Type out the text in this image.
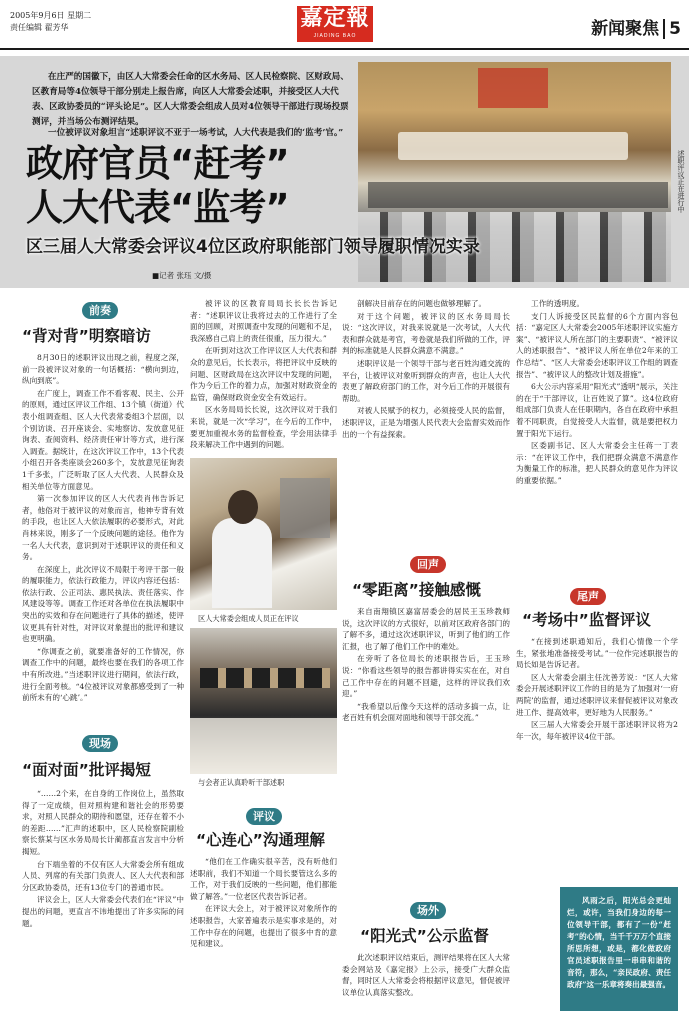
2005年9月6日 星期二
责任编辑 翟芳华	嘉定報
JIADING BAO	新闻聚焦 5
在庄严的国徽下，由区人大常委会任命的区水务局、区人民检察院、区财政局、区教育局等4位领导干部分别走上报告席，向区人大常委会述职，并接受区人大代表、区政协委员的“评头论足”。区人大常委会组成人员对4位领导干部进行现场投票测评，并当场公布测评结果。
一位被评议对象坦言“述职评议不亚于一场考试，人大代表是我们的‘监考’官。”
政府官员“赶考”
人大代表“监考”
区三届人大常委会评议4位区政府职能部门领导履职情况实录
■记者 张珏 文/摄
述职评议正在进行中
前奏
“背对背”明察暗访

8月30日的述职评议出现之前，程度之深，前一段被评议对象的一句话概括：“横向到边，纵向到底”。

在广度上，调查工作不看客观、民主、公开的原则，通过区评议工作组、13个镇（街道）代表小组调查组、区人大代表常委组3个层面，以个别访谈、召开座谈会、实地察访、发放意见征询表、查阅资料、经济责任审计等方式，进行深入调查。据统计，在这次评议工作中，13个代表小组召开各类座谈会260多个，发放意见征询表1千多张，广泛听取了区人大代表、人民群众及相关单位等方面意见。

第一次参加评议的区人大代表肖伟告诉记者，他俗对于被评议的对象而言，他神专背有效的手段，也让区人大依法履职的必要形式，对此肖林来说，刚多了一个反映问题的途径。他作为一名人大代表，意识到对于述职评议的责任和义务。

在深度上，此次评议不局限于考评干部一般的履职能力，依法行政能力，评议内容还包括：依法行政、公正司法、惠民执法、责任落实、作风建设等等。调查工作还对各单位在执法履职中突出的实效和存在问题进行了具体的描述，使评议更具有针对性，对评议对象提出的批评和建议也更明确。

“你调查之前，就要准备好的工作情况，你调查工作中的问题，最终也要在我们的各项工作中有所改进。”当述职评议进行期间，依法行政，进行全面考核。“4位被评议对象都感受到了一种前所未有的‘心跳’。”

现场
“面对面”批评揭短

“……2个来，在自身的工作岗位上，虽然取得了一定成绩，但对照构建和谐社会的形势要求，对照人民群众的期待和愿望，还存在着不小的差距……”汇声的述职中，区人民检察院副检察长蔡某与区水务局局长计蔺都直言发言中分析揭短。

台下端坐着的不仅有区人大常委会所有组成人员、列席的有关部门负责人、区人大代表和部分区政协委员，还有13位专门的普通市民。

评议会上，区人大常委会代表们在“评议”中提出的问题，更直言不讳地提出了许多实际的问题。

被评议的区教育局局长长长告诉记者：“述职评议让我将过去的工作进行了全面的回顾，对照调查中发现的问题和不足，我深感自己肩上的责任很重，压力很大。”

在听到对这次工作评议区人大代表和群众的意见后，长长表示，将把评议中反映的问题、区财政局在这次评议中发现的问题，作为今后工作的着力点，加强对财政资金的监管，确保财政资金安全有效运行。

区水务局局长长说，这次评议对于我们来说，就是一次“学习”，在今后的工作中，要更加重视水务的监督检查，学会用法律手段来解决工作中遇到的问题。

区人大常委会组成人员正在评议
与会者正认真聆听干部述职
评议
“心连心”沟通理解

“他们在工作确实很辛苦，没有听他们述职前，我们不知道一个局长要管这么多的工作，对于我们反映的一些问题，他们都能做了解答。”一位老区代表告诉记者。

在评议大会上，对于被评议对象所作的述职报告，大家普遍表示是实事求是的，对工作中存在的问题，也提出了很多中肯的意见和建议。

剖解决目前存在的问题也做够理解了。

对于这个问题，被评议的区水务局局长说：“这次评议，对我来说就是一次考试，人大代表和群众就是考官，考卷就是我们所做的工作，评判的标准就是人民群众满意不满意。”

述职评议是一个领导干部与老百姓沟通交流的平台，让被评议对象听到群众的声音，也让人大代表更了解政府部门的工作，对今后工作的开展很有帮助。

对被人民赋予的权力，必须接受人民的监督，述职评议，正是为增强人民代表大会监督实效而作出的一个有益探索。

回声
“零距离”接触感慨

来自南翔镇区嘉富居委会的居民王玉珍教师说，这次评议的方式很好，以前对区政府各部门的了解不多，通过这次述职评议，听到了他们的工作汇报，也了解了他们工作中的难处。

在旁听了各位局长的述职报告后，王玉珍说：“你看这些领导的报告都讲得实实在在，对自己工作中存在的问题不回避，这样的评议我们欢迎。”

“我希望以后像今天这样的活动多搞一点，让老百姓有机会面对面地和领导干部交流。”

场外
“阳光式”公示监督

此次述职评议结束后，测评结果将在区人大常委会网站及《嘉定报》上公示，接受广大群众监督，同时区人大常委会将根据评议意见，督促被评议单位认真落实整改。

工作的透明度。

支门人诉接受区民监督的6个方面内容包括：“嘉定区人大常委会2005年述职评议实施方案”、“被评议人所在部门的主要职责”、“被评议人的述职报告”、“被评议人所在单位2年来的工作总结”、“区人大常委会述职评议工作组的调查报告”、“被评议人的整改计划及措施”。

6大公示内容采用“阳光式”透明“展示，关注的在于“干部评议，让百姓说了算”。这4位政府组成部门负责人在任职期内，各自在政府中承担着不同职责，自觉接受人大监督，就是要把权力置于阳光下运行。

区委副书记、区人大常委会主任蒋一丁表示：“在评议工作中，我们把群众满意不满意作为衡量工作的标准，把人民群众的意见作为评议的重要依据。”

尾声
“考场中”监督评议

“在接到述职通知后，我们心情像一个学生，紧张地准备接受考试。”一位作完述职报告的局长如是告诉记者。

区人大常委会副主任沈善芳说：“区人大常委会开展述职评议工作的目的是为了加强对‘一府两院’的监督，通过述职评议来督促被评议对象改进工作、提高效率，更好地为人民服务。”

区三届人大常委会开展干部述职评议将为2年一次，每年被评议4位干部。

风雨之后，阳光总会更灿烂，或许，当我们身边的每一位领导干部，都有了一份“赶考”的心情，当千千万万个直接所思所想，或是，都化做政府官员述职报告里一串串和谐的音符，那么，“亲民政府、责任政府”这一乐章将奏出最强音。
